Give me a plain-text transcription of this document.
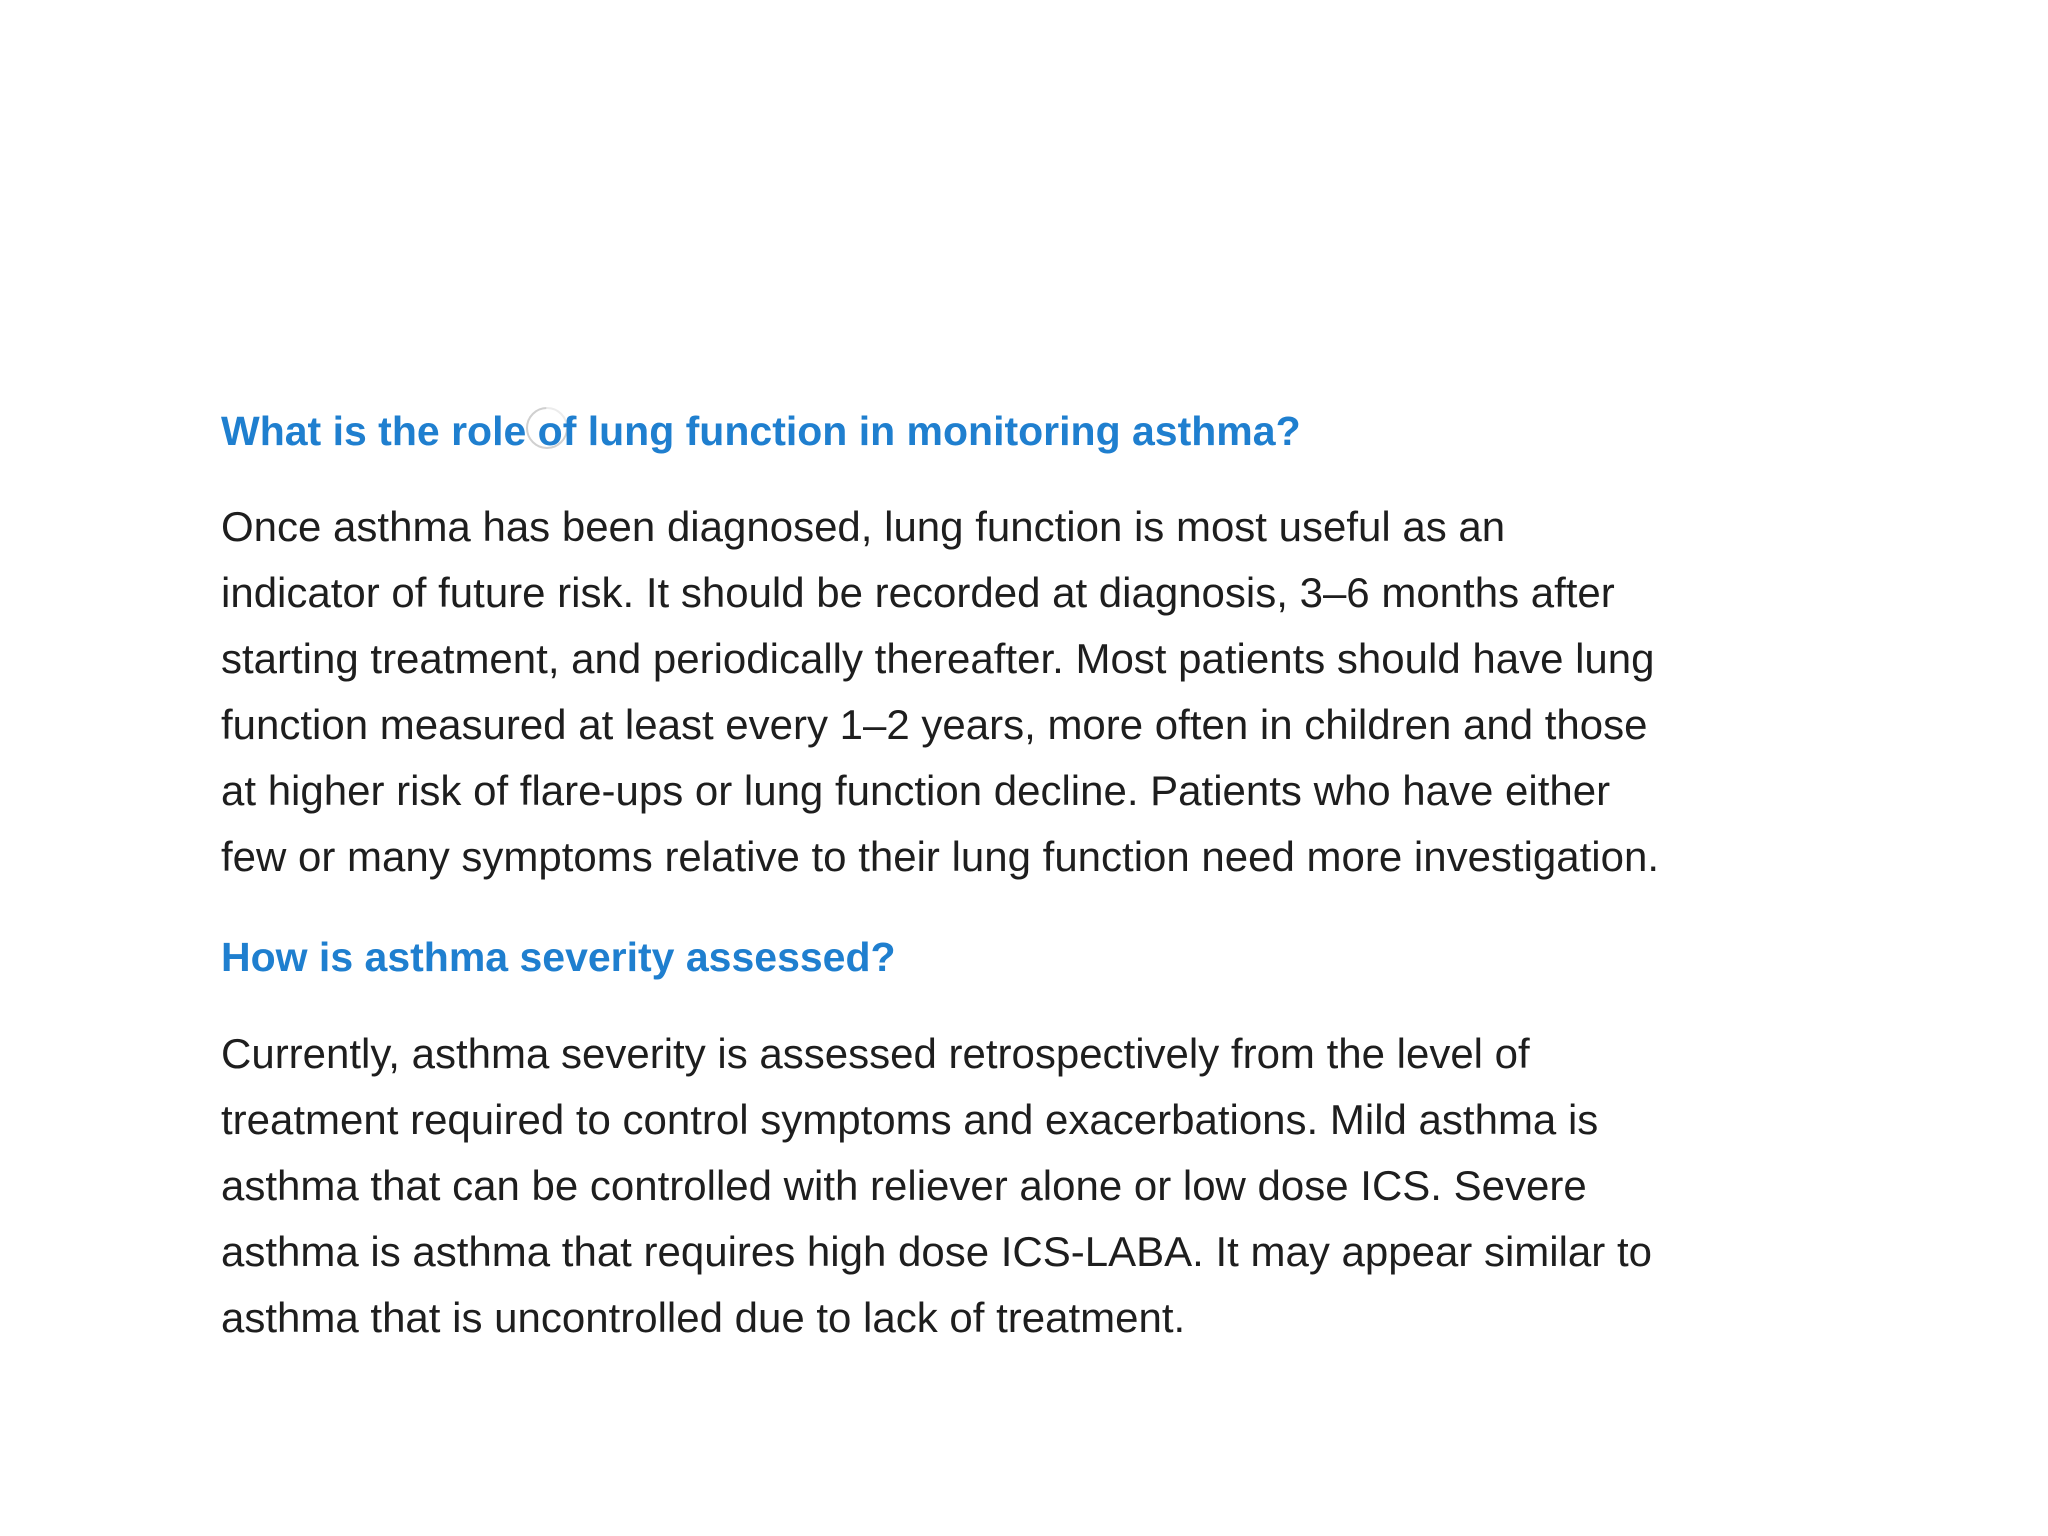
What is the role of lung function in monitoring asthma?

Once asthma has been diagnosed, lung function is most useful as an
indicator of future risk. It should be recorded at diagnosis, 3–6 months after
starting treatment, and periodically thereafter. Most patients should have lung
function measured at least every 1–2 years, more often in children and those
at higher risk of flare-ups or lung function decline. Patients who have either
few or many symptoms relative to their lung function need more investigation.

How is asthma severity assessed?

Currently, asthma severity is assessed retrospectively from the level of
treatment required to control symptoms and exacerbations. Mild asthma is
asthma that can be controlled with reliever alone or low dose ICS. Severe
asthma is asthma that requires high dose ICS-LABA. It may appear similar to
asthma that is uncontrolled due to lack of treatment.
